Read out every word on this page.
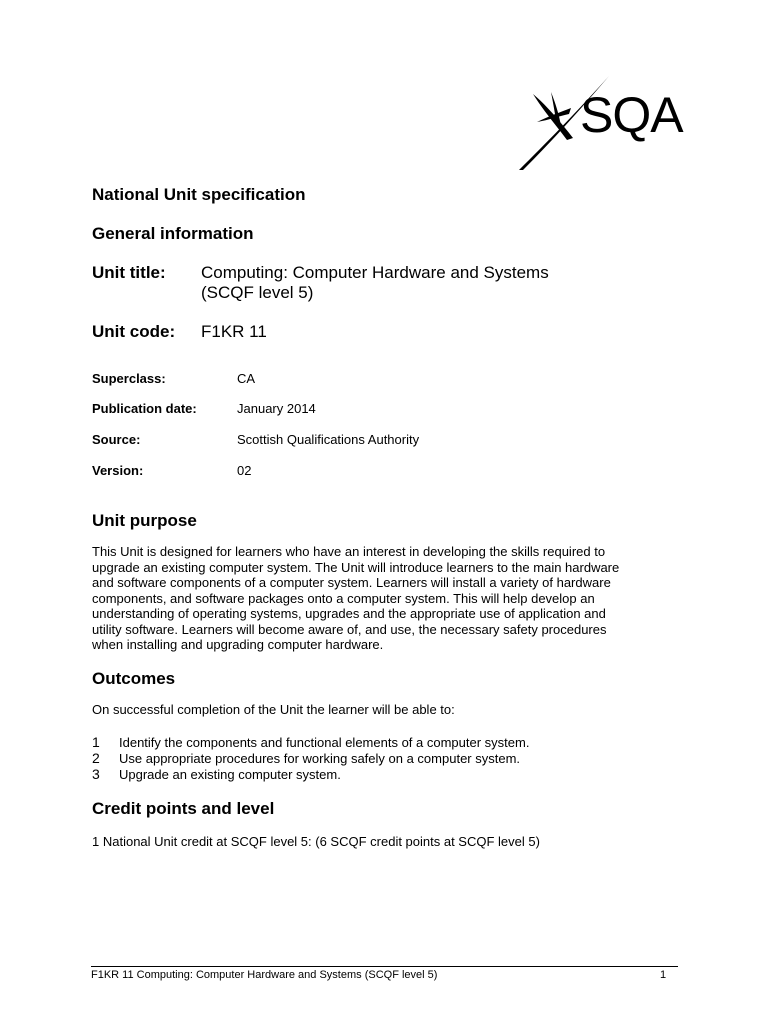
SQA
National Unit specification
General information
Unit title: Computing: Computer Hardware and Systems
(SCQF level 5)
Unit code: F1KR 11
Superclass:	CA
Publication date:	January 2014
Source:	Scottish Qualifications Authority
Version:	02
Unit purpose
This Unit is designed for learners who have an interest in developing the skills required to
upgrade an existing computer system. The Unit will introduce learners to the main hardware
and software components of a computer system. Learners will install a variety of hardware
components, and software packages onto a computer system. This will help develop an
understanding of operating systems, upgrades and the appropriate use of application and
utility software. Learners will become aware of, and use, the necessary safety procedures
when installing and upgrading computer hardware.
Outcomes
On successful completion of the Unit the learner will be able to:
1 Identify the components and functional elements of a computer system.
2 Use appropriate procedures for working safely on a computer system.
3 Upgrade an existing computer system.
Credit points and level
1 National Unit credit at SCQF level 5: (6 SCQF credit points at SCQF level 5)
F1KR 11 Computing: Computer Hardware and Systems (SCQF level 5)	1
